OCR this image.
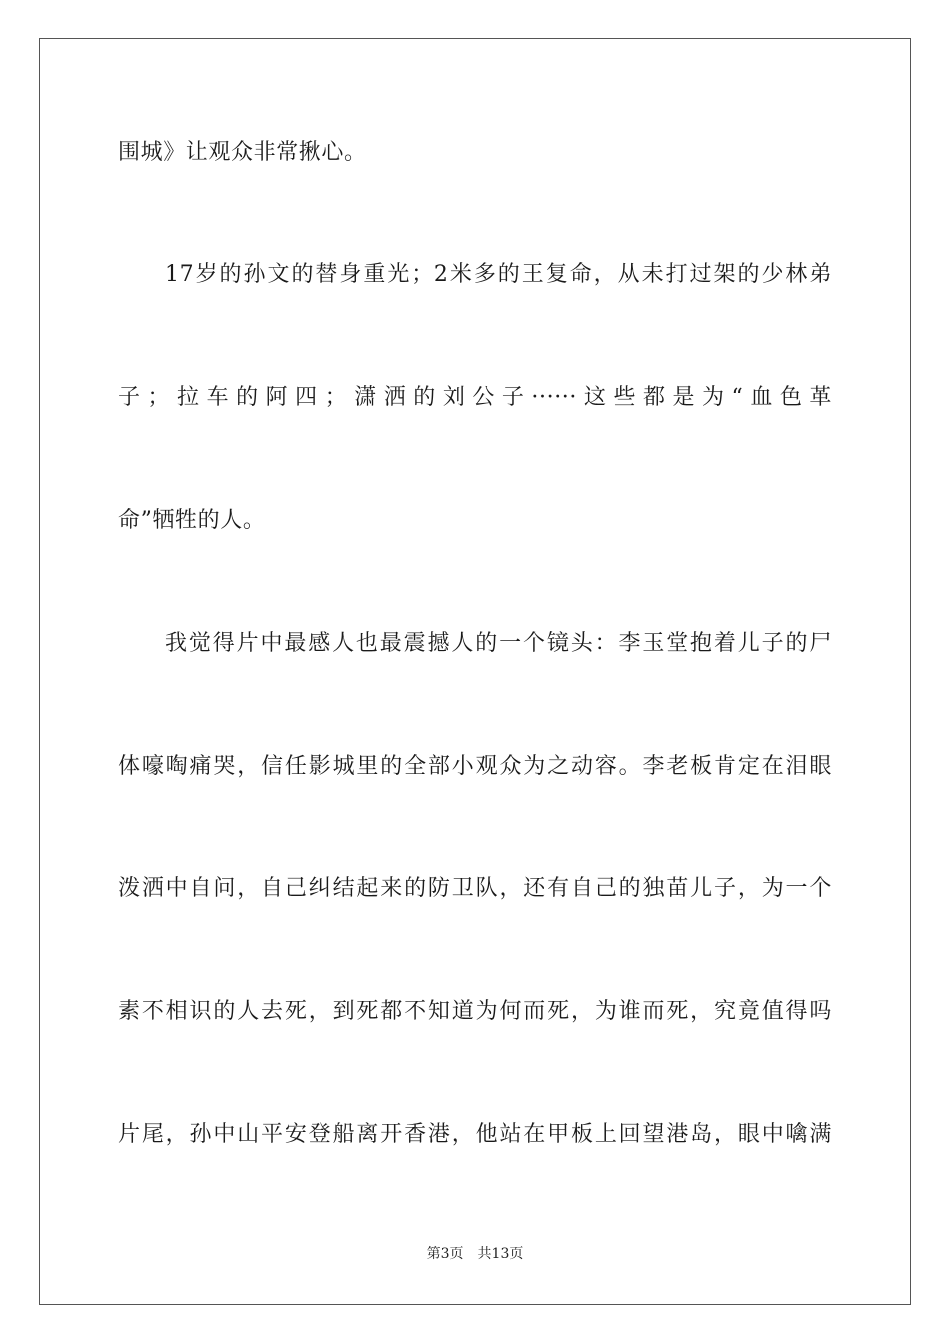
围城》让观众非常揪心。
17岁的孙文的替身重光；2米多的王复命，从未打过架的少林弟
子；拉车的阿四；潇洒的刘公子······这些都是为“血色革
命”牺牲的人。
我觉得片中最感人也最震撼人的一个镜头：李玉堂抱着儿子的尸
体嚎啕痛哭，信任影城里的全部小观众为之动容。李老板肯定在泪眼
泼洒中自问，自己纠结起来的防卫队，还有自己的独苗儿子，为一个
素不相识的人去死，到死都不知道为何而死，为谁而死，究竟值得吗
片尾，孙中山平安登船离开香港，他站在甲板上回望港岛，眼中噙满
第3页 共13页
